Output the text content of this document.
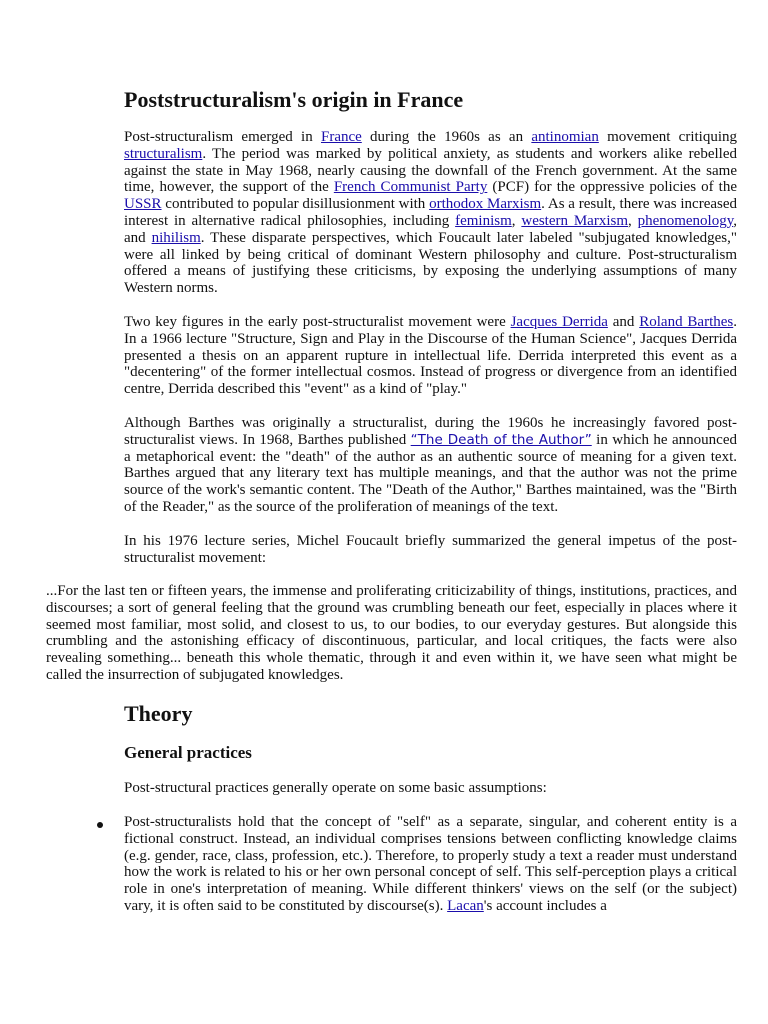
Poststructuralism's origin in France

Post-structuralism emerged in France during the 1960s as an antinomian movement critiquing structuralism. The period was marked by political anxiety, as students and workers alike rebelled against the state in May 1968, nearly causing the downfall of the French government. At the same time, however, the support of the French Communist Party (PCF) for the oppressive policies of the USSR contributed to popular disillusionment with orthodox Marxism. As a result, there was increased interest in alternative radical philosophies, including feminism, western Marxism, phenomenology, and nihilism. These disparate perspectives, which Foucault later labeled "subjugated knowledges," were all linked by being critical of dominant Western philosophy and culture. Post-structuralism offered a means of justifying these criticisms, by exposing the underlying assumptions of many Western norms.

Two key figures in the early post-structuralist movement were Jacques Derrida and Roland Barthes. In a 1966 lecture "Structure, Sign and Play in the Discourse of the Human Science", Jacques Derrida presented a thesis on an apparent rupture in intellectual life. Derrida interpreted this event as a "decentering" of the former intellectual cosmos. Instead of progress or divergence from an identified centre, Derrida described this "event" as a kind of "play."

Although Barthes was originally a structuralist, during the 1960s he increasingly favored post-structuralist views. In 1968, Barthes published “The Death of the Author” in which he announced a metaphorical event: the "death" of the author as an authentic source of meaning for a given text. Barthes argued that any literary text has multiple meanings, and that the author was not the prime source of the work's semantic content. The "Death of the Author," Barthes maintained, was the "Birth of the Reader," as the source of the proliferation of meanings of the text.

In his 1976 lecture series, Michel Foucault briefly summarized the general impetus of the post-structuralist movement:

...For the last ten or fifteen years, the immense and proliferating criticizability of things, institutions, practices, and discourses; a sort of general feeling that the ground was crumbling beneath our feet, especially in places where it seemed most familiar, most solid, and closest to us, to our bodies, to our everyday gestures. But alongside this crumbling and the astonishing efficacy of discontinuous, particular, and local critiques, the facts were also revealing something... beneath this whole thematic, through it and even within it, we have seen what might be called the insurrection of subjugated knowledges.

Theory
General practices

Post-structural practices generally operate on some basic assumptions:

Post-structuralists hold that the concept of "self" as a separate, singular, and coherent entity is a fictional construct. Instead, an individual comprises tensions between conflicting knowledge claims (e.g. gender, race, class, profession, etc.). Therefore, to properly study a text a reader must understand how the work is related to his or her own personal concept of self. This self-perception plays a critical role in one's interpretation of meaning. While different thinkers' views on the self (or the subject) vary, it is often said to be constituted by discourse(s). Lacan's account includes a
